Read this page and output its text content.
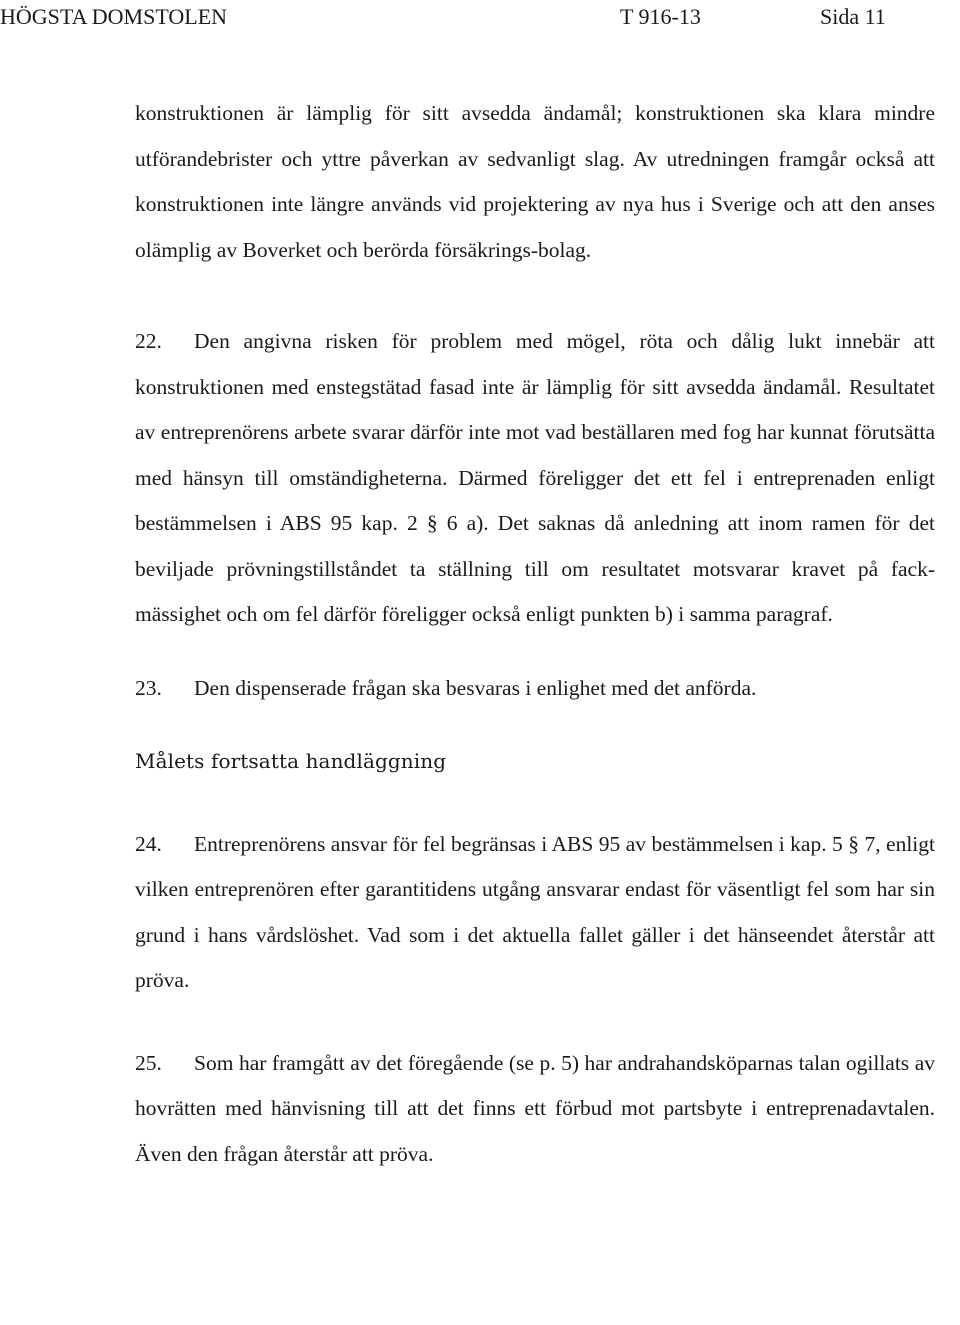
HÖGSTA DOMSTOLEN	T 916-13	Sida 11

konstruktionen är lämplig för sitt avsedda ändamål; konstruktionen ska klara mindre utförandebrister och yttre påverkan av sedvanligt slag. Av utredningen framgår också att konstruktionen inte längre används vid projektering av nya hus i Sverige och att den anses olämplig av Boverket och berörda försäkrings-bolag.

22. Den angivna risken för problem med mögel, röta och dålig lukt innebär att konstruktionen med enstegstätad fasad inte är lämplig för sitt avsedda ändamål. Resultatet av entreprenörens arbete svarar därför inte mot vad beställaren med fog har kunnat förutsätta med hänsyn till omständigheterna. Därmed föreligger det ett fel i entreprenaden enligt bestämmelsen i ABS 95 kap. 2 § 6 a). Det saknas då anledning att inom ramen för det beviljade prövningstillståndet ta ställning till om resultatet motsvarar kravet på fack-mässighet och om fel därför föreligger också enligt punkten b) i samma paragraf.

23. Den dispenserade frågan ska besvaras i enlighet med det anförda.

Målets fortsatta handläggning

24. Entreprenörens ansvar för fel begränsas i ABS 95 av bestämmelsen i kap. 5 § 7, enligt vilken entreprenören efter garantitidens utgång ansvarar endast för väsentligt fel som har sin grund i hans vårdslöshet. Vad som i det aktuella fallet gäller i det hänseendet återstår att pröva.

25. Som har framgått av det föregående (se p. 5) har andrahandsköparnas talan ogillats av hovrätten med hänvisning till att det finns ett förbud mot partsbyte i entreprenadavtalen. Även den frågan återstår att pröva.
